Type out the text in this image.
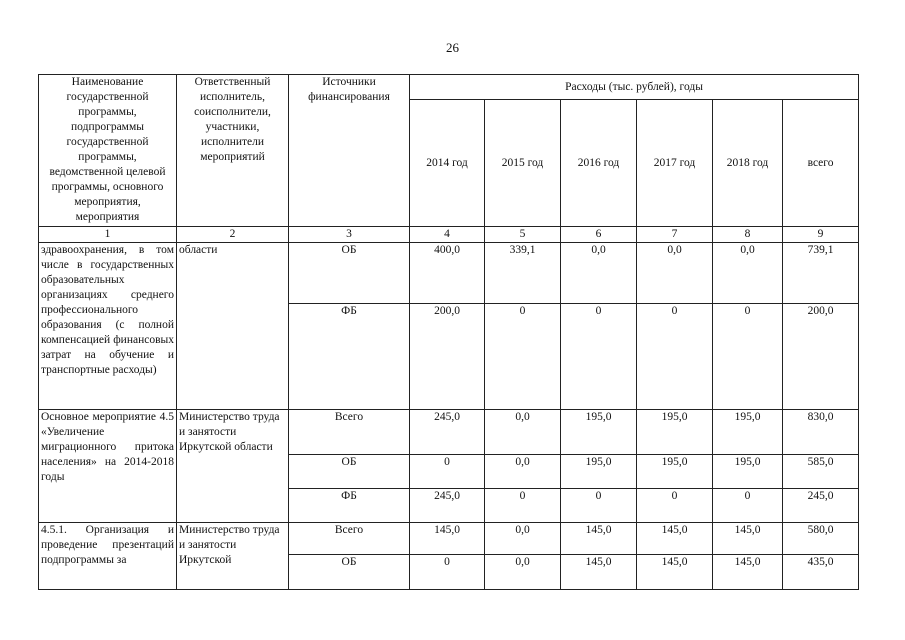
26
Наименование государственной программы, подпрограммы государственной программы, ведомственной целевой программы, основного мероприятия, мероприятия	Ответственный исполнитель, соисполнители, участники, исполнители мероприятий	Источники финансирования	Расходы (тыс. рублей), годы					
			2014 год	2015 год	2016 год	2017 год	2018 год	всего
1	2	3	4	5	6	7	8	9
здравоохранения, в том числе в государственных образовательных организациях среднего профессионального образования (с полной компенсацией финансовых затрат на обучение и транспортные расходы)	области	ОБ	400,0	339,1	0,0	0,0	0,0	739,1
		ФБ	200,0	0	0	0	0	200,0
Основное мероприятие 4.5 «Увеличение миграционного притока населения» на 2014-2018 годы	Министерство труда и занятости Иркутской области	Всего	245,0	0,0	195,0	195,0	195,0	830,0
		ОБ	0	0,0	195,0	195,0	195,0	585,0
		ФБ	245,0	0	0	0	0	245,0
4.5.1. Организация и проведение презентаций подпрограммы за	Министерство труда и занятости Иркутской	Всего	145,0	0,0	145,0	145,0	145,0	580,0
		ОБ	0	0,0	145,0	145,0	145,0	435,0
